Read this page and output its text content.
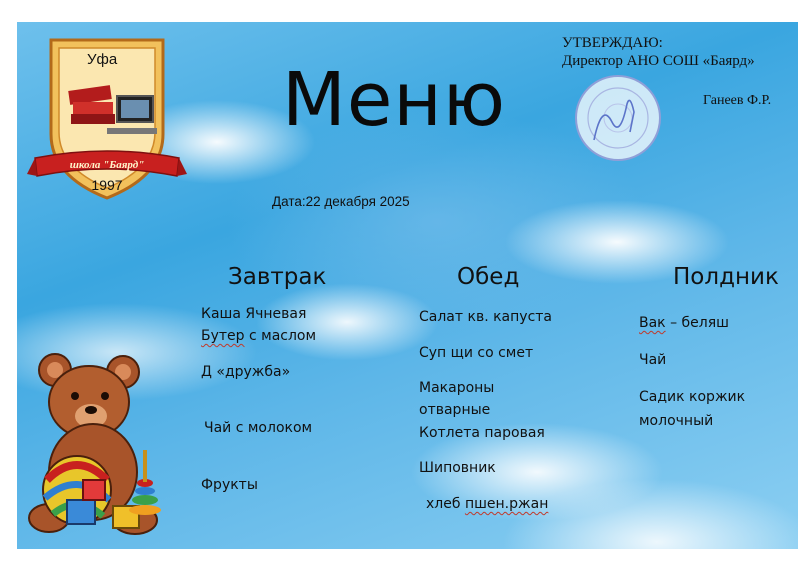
Уфа
школа "Баярд"
1997
Меню
УТВЕРЖДАЮ:
Директор АНО СОШ «Баярд»
Ганеев Ф.Р.
Дата:22 декабря 2025
Завтрак
Каша Ячневая
Бутер с маслом
Д «дружба»
Чай с молоком
Фрукты
Обед
Салат кв. капуста
Суп щи со смет
Макароны
отварные
Котлета паровая
Шиповник
хлеб пшен.ржан
Полдник
Вак – беляш
Чай
Садик коржик
молочный
